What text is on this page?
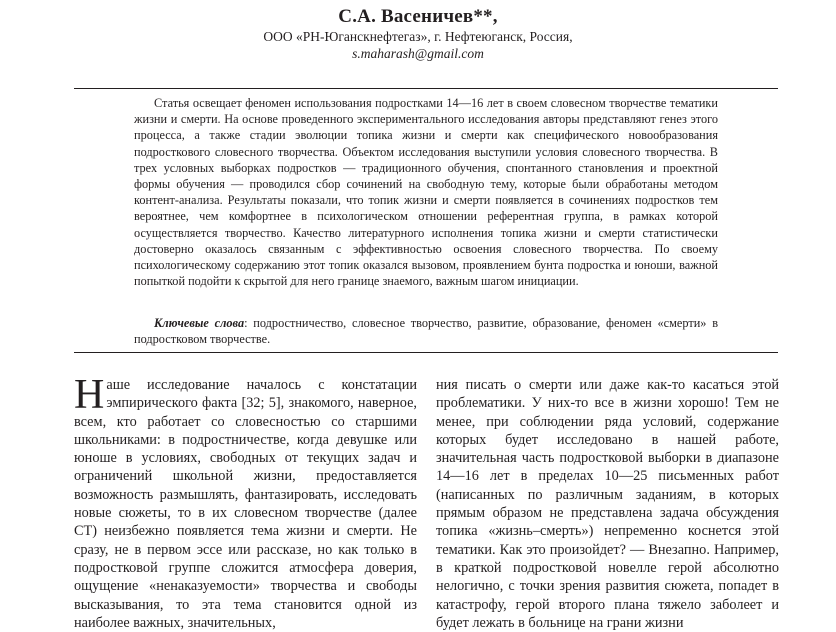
С.А. Васеничев**,
ООО «РН-Юганскнефтегаз», г. Нефтеюганск, Россия,
s.maharash@gmail.com

Статья освещает феномен использования подростками 14—16 лет в своем словесном творчестве тематики жизни и смерти. На основе проведенного экспериментального исследования авторы представляют генез этого процесса, а также стадии эволюции топика жизни и смерти как специфического новообразования подросткового словесного творчества. Объектом исследования выступили условия словесного творчества. В трех условных выборках подростков — традиционного обучения, спонтанного становления и проектной формы обучения — проводился сбор сочинений на свободную тему, которые были обработаны методом контент-анализа. Результаты показали, что топик жизни и смерти появляется в сочинениях подростков тем вероятнее, чем комфортнее в психологическом отношении референтная группа, в рамках которой осуществляется творчество. Качество литературного исполнения топика жизни и смерти статистически достоверно оказалось связанным с эффективностью освоения словесного творчества. По своему психологическому содержанию этот топик оказался вызовом, проявлением бунта подростка и юноши, важной попыткой подойти к скрытой для него границе знаемого, важным шагом инициации.

Ключевые слова: подростничество, словесное творчество, развитие, образование, феномен «смерти» в подростковом творчестве.

Наше исследование началось с констатации эмпирического факта [32; 5], знакомого, наверное, всем, кто работает со словесностью со старшими школьниками: в подростничестве, когда девушке или юноше в условиях, свободных от текущих задач и ограничений школьной жизни, предоставляется возможность размышлять, фантазировать, исследовать новые сюжеты, то в их словесном творчестве (далее СТ) неизбежно появляется тема жизни и смерти. Не сразу, не в первом эссе или рассказе, но как только в подростковой группе сложится атмосфера доверия, ощущение «ненаказуемости» творчества и свободы высказывания, то эта тема становится одной из наиболее важных, значительных,

ния писать о смерти или даже как-то касаться этой проблематики. У них-то все в жизни хорошо! Тем не менее, при соблюдении ряда условий, содержание которых будет исследовано в нашей работе, значительная часть подростковой выборки в диапазоне 14—16 лет в пределах 10—25 письменных работ (написанных по различным заданиям, в которых прямым образом не представлена задача обсуждения топика «жизнь–смерть») непременно коснется этой тематики. Как это произойдет? — Внезапно. Например, в краткой подростковой новелле герой абсолютно нелогично, с точки зрения развития сюжета, попадет в катастрофу, герой второго плана тяжело заболеет и будет лежать в больнице на грани жизни
